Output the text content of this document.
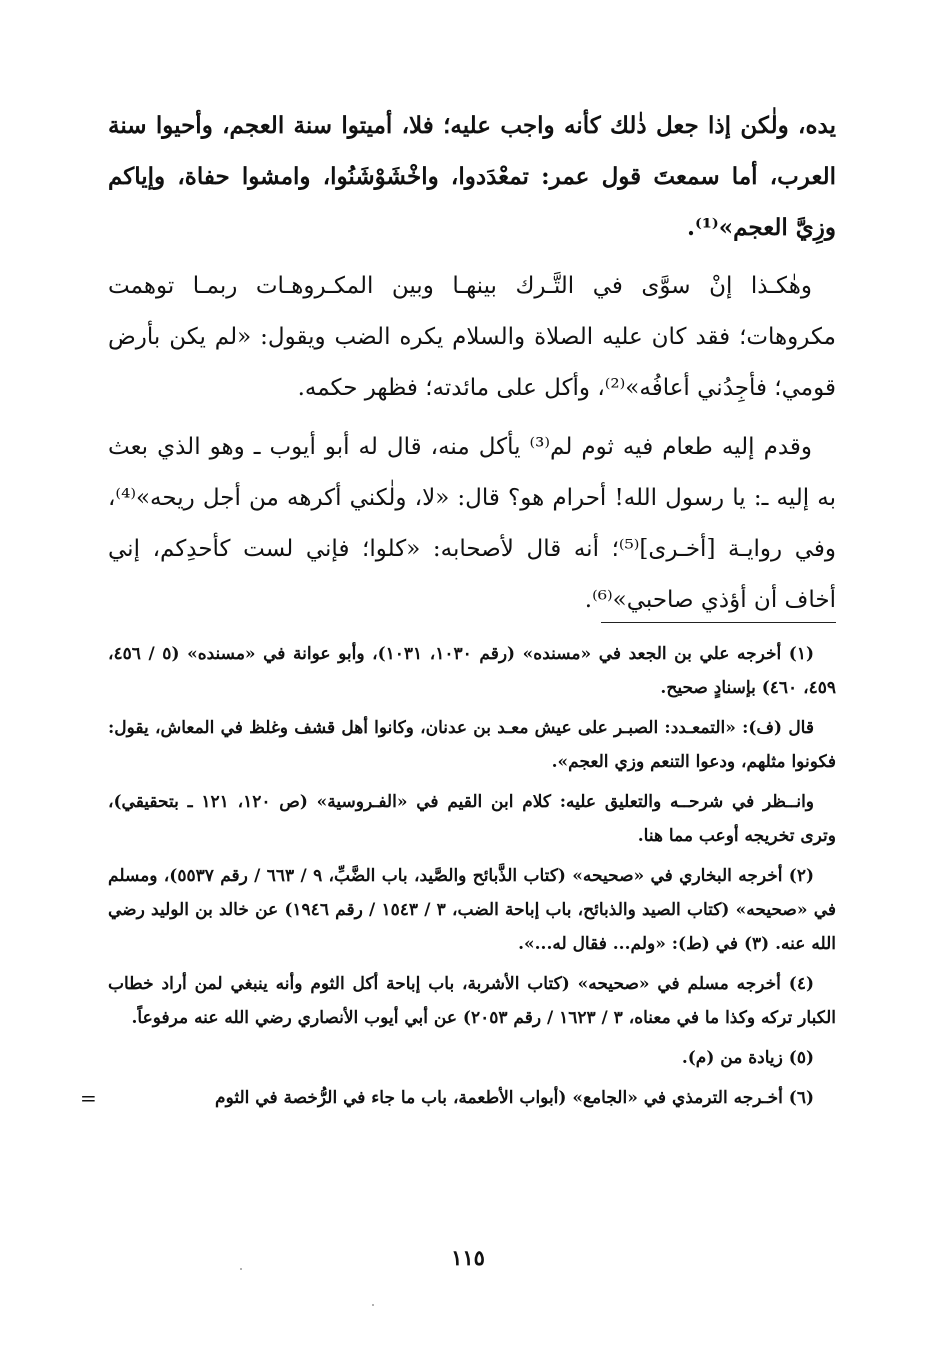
يده، ولٰكن إذا جعل ذٰلك كأنه واجب عليه؛ فلا، أميتوا سنة العجم، وأحيوا سنة العرب، أما سمعتَ قول عمر: تمعْدَدوا، واخْشَوْشَنُوا، وامشوا حفاة، وإياكم وزِيَّ العجم»⁽¹⁾.

وهٰكـذا إنْ سوَّى في التَّـرك بينهـا وبين المكـروهـات ربمـا توهمت مكروهات؛ فقد كان عليه الصلاة والسلام يكره الضب ويقول: «لم يكن بأرض قومي؛ فأجِدُني أعافُه»⁽²⁾، وأكل على مائدته؛ فظهر حكمه.

وقدم إليه طعام فيه ثوم لم⁽³⁾ يأكل منه، قال له أبو أيوب ـ وهو الذي بعث به إليه ـ: يا رسول الله! أحرام هو؟ قال: «لا، ولٰكني أكرهه من أجل ريحه»⁽⁴⁾، وفي روايـة [أخـرى]⁽⁵⁾؛ أنه قال لأصحابه: «كلوا؛ فإني لست كأحدِكم، إني أخاف أن أؤذي صاحبي»⁽⁶⁾.

(١) أخرجه علي بن الجعد في «مسنده» (رقم ١٠٣٠، ١٠٣١)، وأبو عوانة في «مسنده» (٥ / ٤٥٦، ٤٥٩، ٤٦٠) بإسنادٍ صحيح.

قال (ف): «التمعـدد: الصبـر على عيش معـد بن عدنان، وكانوا أهل قشف وغلظ في المعاش، يقول: فكونوا مثلهم، ودعوا التنعم وزي العجم».

وانــظر في شرحــه والتعليق عليه: كلام ابن القيم في «الفـروسية» (ص ١٢٠، ١٢١ ـ بتحقيقي)، وترى تخريجه أوعب مما هنا.

(٢) أخرجه البخاري في «صحيحه» (كتاب الذَّبائح والصَّيد، باب الضَّبِّ، ٩ / ٦٦٣ / رقم ٥٥٣٧)، ومسلم في «صحيحه» (كتاب الصيد والذبائح، باب إباحة الضب، ٣ / ١٥٤٣ / رقم ١٩٤٦) عن خالد بن الوليد رضي الله عنه. (٣) في (ط): «ولم... فقال له...».

(٤) أخرجه مسلم في «صحيحه» (كتاب الأشربة، باب إباحة أكل الثوم وأنه ينبغي لمن أراد خطاب الكبار تركه وكذا ما في معناه، ٣ / ١٦٢٣ / رقم ٢٠٥٣) عن أبي أيوب الأنصاري رضي الله عنه مرفوعاً.

(٥) زيادة من (م).

(٦) أخـرجه الترمذي في «الجامع» (أبواب الأطعمة، باب ما جاء في الرُّخصة في الثوم

=
١١٥
